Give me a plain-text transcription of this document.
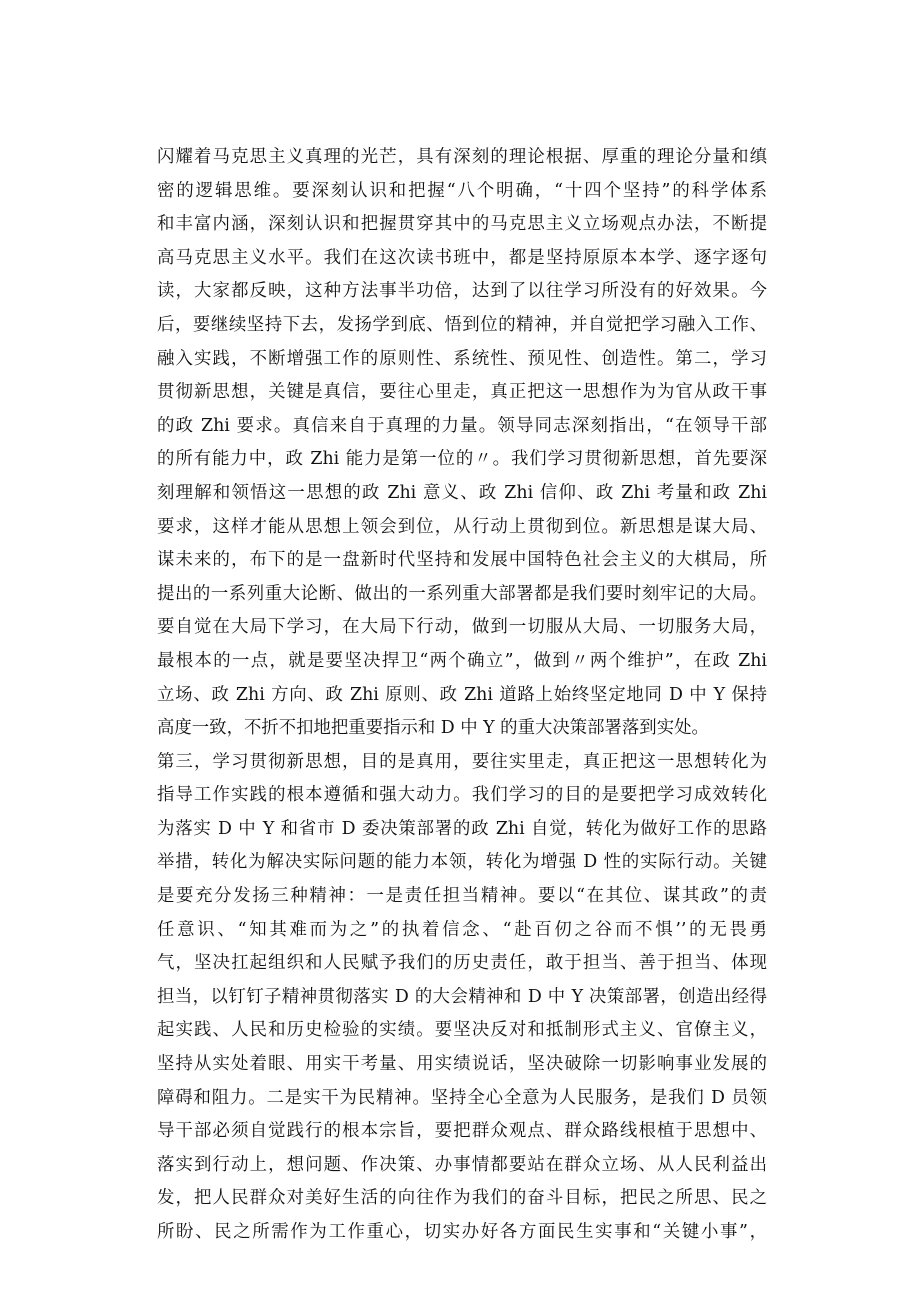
闪耀着马克思主义真理的光芒，具有深刻的理论根据、厚重的理论分量和缜
密的逻辑思维。要深刻认识和把握“八个明确，“十四个坚持”的科学体系
和丰富内涵，深刻认识和把握贯穿其中的马克思主义立场观点办法，不断提
高马克思主义水平。我们在这次读书班中，都是坚持原原本本学、逐字逐句
读，大家都反映，这种方法事半功倍，达到了以往学习所没有的好效果。今
后，要继续坚持下去，发扬学到底、悟到位的精神，并自觉把学习融入工作、
融入实践，不断增强工作的原则性、系统性、预见性、创造性。第二，学习
贯彻新思想，关键是真信，要往心里走，真正把这一思想作为为官从政干事
的政 Zhi 要求。真信来自于真理的力量。领导同志深刻指出，“在领导干部
的所有能力中，政 Zhi 能力是第一位的〃。我们学习贯彻新思想，首先要深
刻理解和领悟这一思想的政 Zhi 意义、政 Zhi 信仰、政 Zhi 考量和政 Zhi
要求，这样才能从思想上领会到位，从行动上贯彻到位。新思想是谋大局、
谋未来的，布下的是一盘新时代坚持和发展中国特色社会主义的大棋局，所
提出的一系列重大论断、做出的一系列重大部署都是我们要时刻牢记的大局。
要自觉在大局下学习，在大局下行动，做到一切服从大局、一切服务大局，
最根本的一点，就是要坚决捍卫“两个确立”，做到〃两个维护”，在政 Zhi
立场、政 Zhi 方向、政 Zhi 原则、政 Zhi 道路上始终坚定地同 D 中 Y 保持
高度一致，不折不扣地把重要指示和 D 中 Y 的重大决策部署落到实处。
第三，学习贯彻新思想，目的是真用，要往实里走，真正把这一思想转化为
指导工作实践的根本遵循和强大动力。我们学习的目的是要把学习成效转化
为落实 D 中 Y 和省市 D 委决策部署的政 Zhi 自觉，转化为做好工作的思路
举措，转化为解决实际问题的能力本领，转化为增强 D 性的实际行动。关键
是要充分发扬三种精神：一是责任担当精神。要以“在其位、谋其政”的责
任意识、“知其难而为之”的执着信念、“赴百仞之谷而不惧’’的无畏勇
气，坚决扛起组织和人民赋予我们的历史责任，敢于担当、善于担当、体现
担当，以钉钉子精神贯彻落实 D 的大会精神和 D 中 Y 决策部署，创造出经得
起实践、人民和历史检验的实绩。要坚决反对和抵制形式主义、官僚主义，
坚持从实处着眼、用实干考量、用实绩说话，坚决破除一切影响事业发展的
障碍和阻力。二是实干为民精神。坚持全心全意为人民服务，是我们 D 员领
导干部必须自觉践行的根本宗旨，要把群众观点、群众路线根植于思想中、
落实到行动上，想问题、作决策、办事情都要站在群众立场、从人民利益出
发，把人民群众对美好生活的向往作为我们的奋斗目标，把民之所思、民之
所盼、民之所需作为工作重心，切实办好各方面民生实事和“关键小事”，
